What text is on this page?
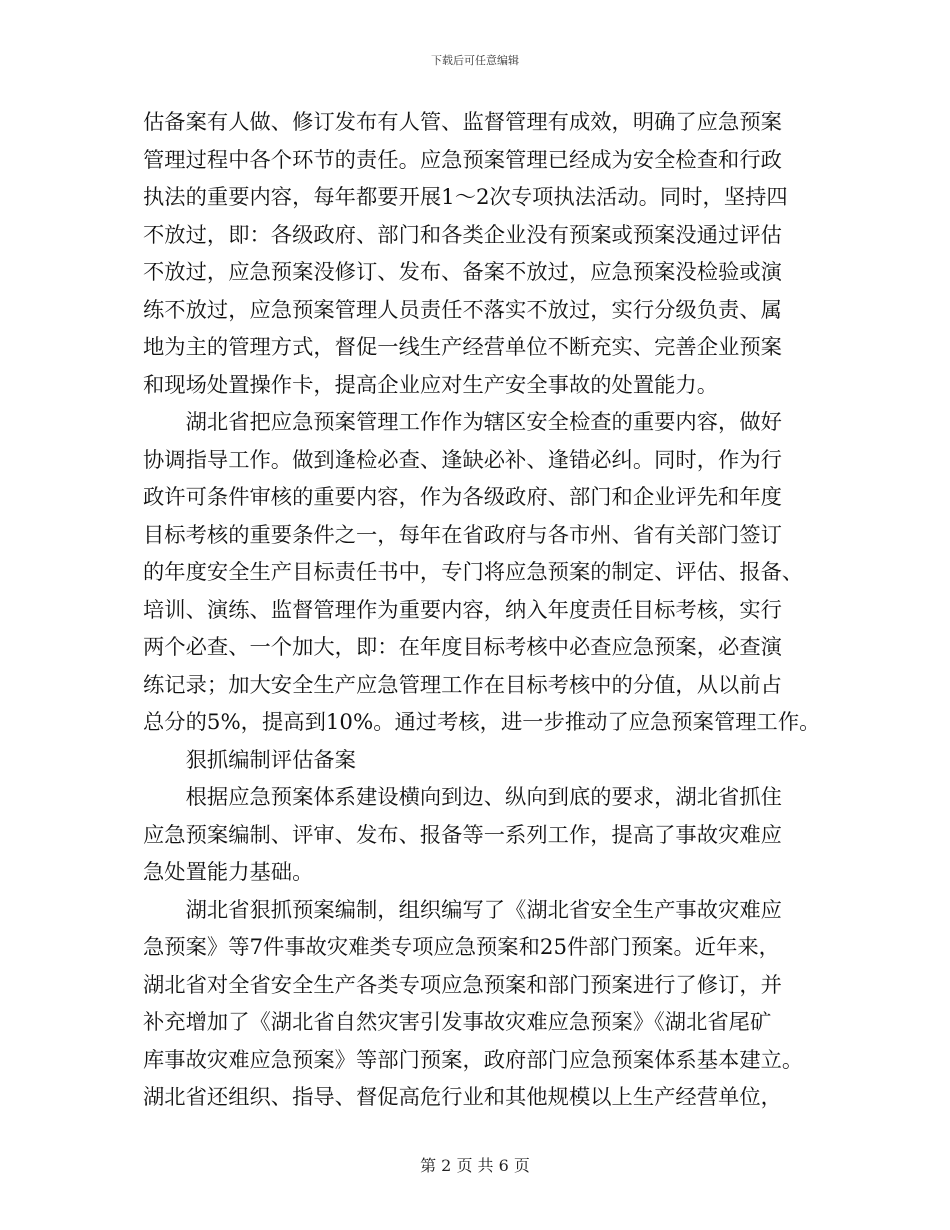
下载后可任意编辑
估备案有人做、修订发布有人管、监督管理有成效，明确了应急预案
管理过程中各个环节的责任。应急预案管理已经成为安全检查和行政
执法的重要内容，每年都要开展1～2次专项执法活动。同时，坚持四
不放过，即：各级政府、部门和各类企业没有预案或预案没通过评估
不放过，应急预案没修订、发布、备案不放过，应急预案没检验或演
练不放过，应急预案管理人员责任不落实不放过，实行分级负责、属
地为主的管理方式，督促一线生产经营单位不断充实、完善企业预案
和现场处置操作卡，提高企业应对生产安全事故的处置能力。
　　湖北省把应急预案管理工作作为辖区安全检查的重要内容，做好
协调指导工作。做到逢检必查、逢缺必补、逢错必纠。同时，作为行
政许可条件审核的重要内容，作为各级政府、部门和企业评先和年度
目标考核的重要条件之一，每年在省政府与各市州、省有关部门签订
的年度安全生产目标责任书中，专门将应急预案的制定、评估、报备、
培训、演练、监督管理作为重要内容，纳入年度责任目标考核，实行
两个必查、一个加大，即：在年度目标考核中必查应急预案，必查演
练记录；加大安全生产应急管理工作在目标考核中的分值，从以前占
总分的5%，提高到10%。通过考核，进一步推动了应急预案管理工作。
　　狠抓编制评估备案
　　根据应急预案体系建设横向到边、纵向到底的要求，湖北省抓住
应急预案编制、评审、发布、报备等一系列工作，提高了事故灾难应
急处置能力基础。
　　湖北省狠抓预案编制，组织编写了《湖北省安全生产事故灾难应
急预案》等7件事故灾难类专项应急预案和25件部门预案。近年来，
湖北省对全省安全生产各类专项应急预案和部门预案进行了修订，并
补充增加了《湖北省自然灾害引发事故灾难应急预案》《湖北省尾矿
库事故灾难应急预案》等部门预案，政府部门应急预案体系基本建立。
湖北省还组织、指导、督促高危行业和其他规模以上生产经营单位，
第 2 页 共 6 页
